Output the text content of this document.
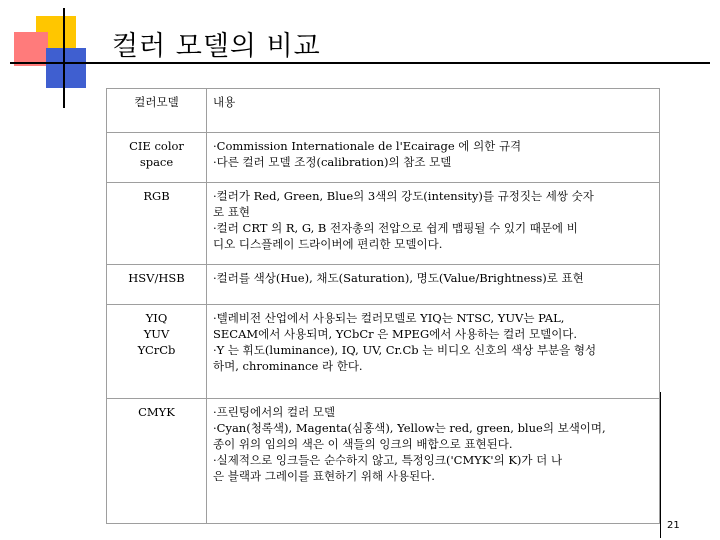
컬러 모델의 비교
컬러모델	내용

CIE color
space	·Commission Internationale de l'Ecairage 에 의한 규격
·다른 컬러 모델 조정(calibration)의 참조 모델

RGB	·컬러가 Red, Green, Blue의 3색의 강도(intensity)를 규정짓는 세쌍 숫자
로 표현
·컬러 CRT 의 R, G, B 전자총의 전압으로 쉽게 맵핑될 수 있기 때문에 비
디오 디스플레이 드라이버에 편리한 모델이다.

HSV/HSB	·컬러를 색상(Hue), 채도(Saturation), 명도(Value/Brightness)로 표현

YIQ
YUV
YCrCb	·텔레비전 산업에서 사용되는 컬러모델로 YIQ는 NTSC, YUV는 PAL,
SECAM에서 사용되며, YCbCr 은 MPEG에서 사용하는 컬러 모델이다.
·Y 는 휘도(luminance), IQ, UV, Cr.Cb 는 비디오 신호의 색상 부분을 형성
하며, chrominance 라 한다.

CMYK	·프린팅에서의 컬러 모델
·Cyan(청록색), Magenta(심홍색), Yellow는 red, green, blue의 보색이며,
종이 위의 임의의 색은 이 색들의 잉크의 배합으로 표현된다.
·실제적으로 잉크들은 순수하지 않고, 특정잉크('CMYK'의 K)가 더 나
은 블랙과 그레이를 표현하기 위해 사용된다.
21
